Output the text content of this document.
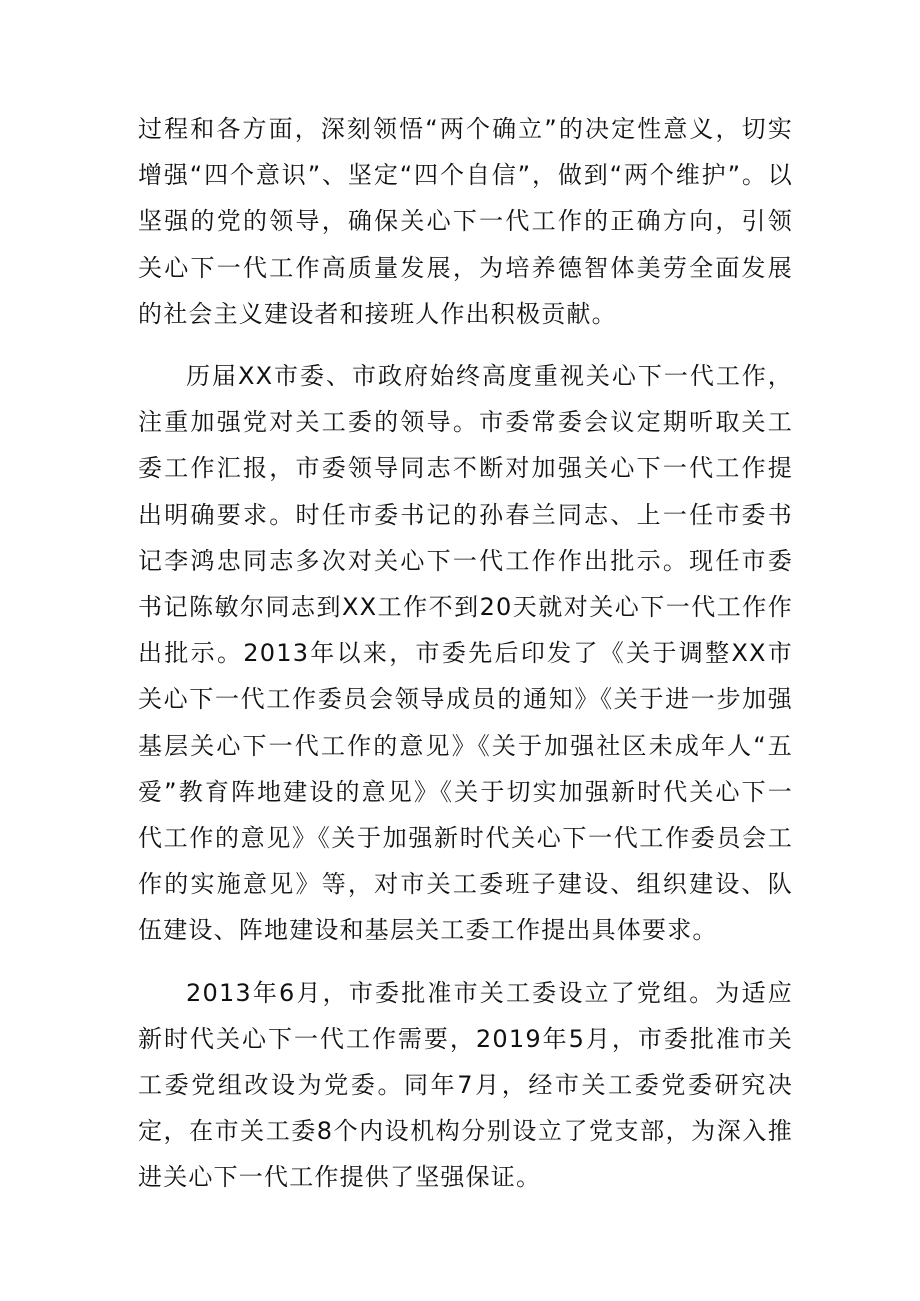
过程和各方面，深刻领悟“两个确立”的决定性意义，切实增强“四个意识”、坚定“四个自信”，做到“两个维护”。以坚强的党的领导，确保关心下一代工作的正确方向，引领关心下一代工作高质量发展，为培养德智体美劳全面发展的社会主义建设者和接班人作出积极贡献。

历届XX市委、市政府始终高度重视关心下一代工作，注重加强党对关工委的领导。市委常委会议定期听取关工委工作汇报，市委领导同志不断对加强关心下一代工作提出明确要求。时任市委书记的孙春兰同志、上一任市委书记李鸿忠同志多次对关心下一代工作作出批示。现任市委书记陈敏尔同志到XX工作不到20天就对关心下一代工作作出批示。2013年以来，市委先后印发了《关于调整XX市关心下一代工作委员会领导成员的通知》《关于进一步加强基层关心下一代工作的意见》《关于加强社区未成年人“五爱”教育阵地建设的意见》《关于切实加强新时代关心下一代工作的意见》《关于加强新时代关心下一代工作委员会工作的实施意见》等，对市关工委班子建设、组织建设、队伍建设、阵地建设和基层关工委工作提出具体要求。

2013年6月，市委批准市关工委设立了党组。为适应新时代关心下一代工作需要，2019年5月，市委批准市关工委党组改设为党委。同年7月，经市关工委党委研究决定，在市关工委8个内设机构分别设立了党支部，为深入推进关心下一代工作提供了坚强保证。
